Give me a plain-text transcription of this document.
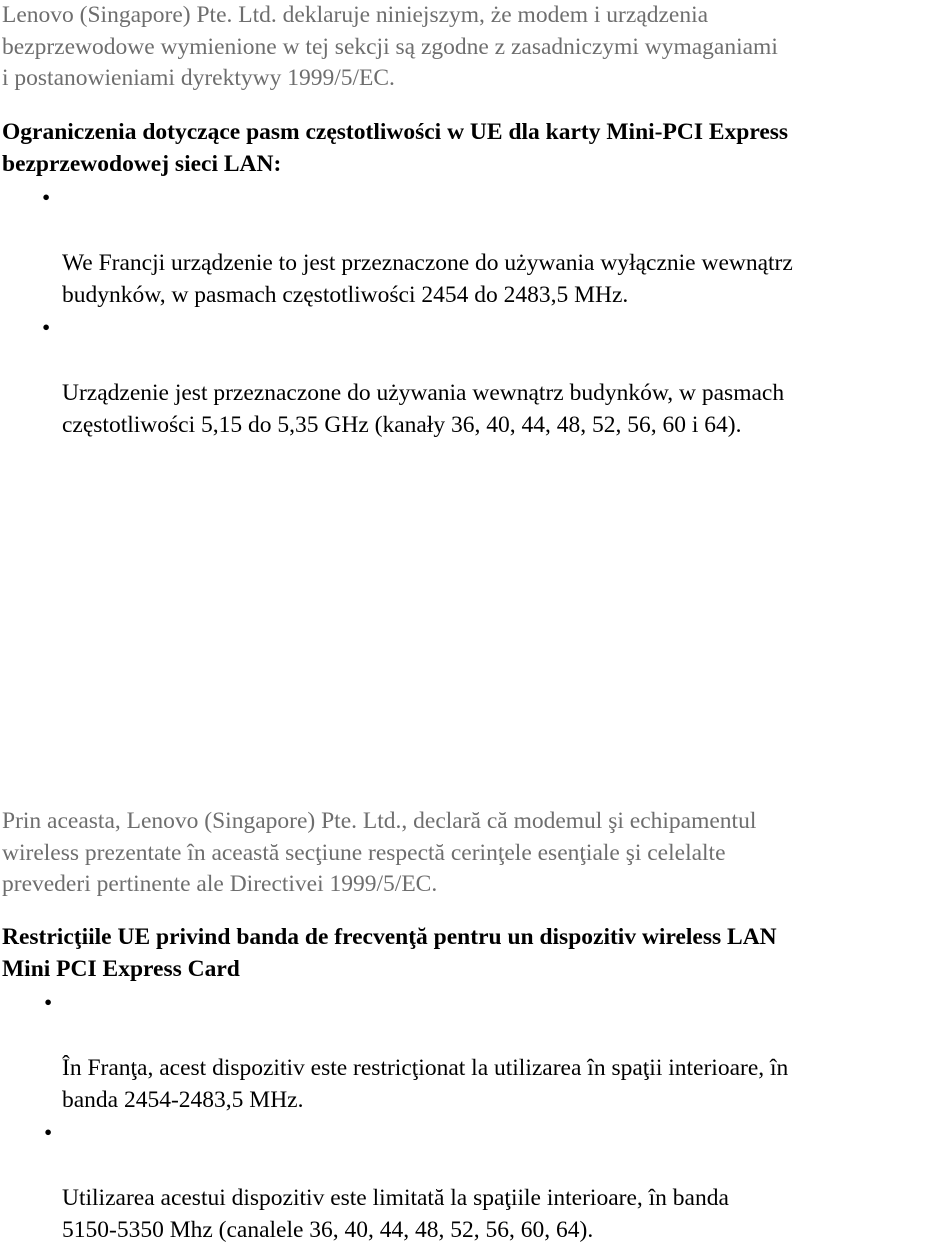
Lenovo (Singapore) Pte. Ltd. deklaruje niniejszym, że modem i urządzenia
bezprzewodowe wymienione w tej sekcji są zgodne z zasadniczymi wymaganiami
i postanowieniami dyrektywy 1999/5/EC.

Ograniczenia dotyczące pasm częstotliwości w UE dla karty Mini-PCI Express
bezprzewodowej sieci LAN:

•

We Francji urządzenie to jest przeznaczone do używania wyłącznie wewnątrz
budynków, w pasmach częstotliwości 2454 do 2483,5 MHz.

•

Urządzenie jest przeznaczone do używania wewnątrz budynków, w pasmach
częstotliwości 5,15 do 5,35 GHz (kanały 36, 40, 44, 48, 52, 56, 60 i 64).

Prin aceasta, Lenovo (Singapore) Pte. Ltd., declară că modemul şi echipamentul
wireless prezentate în această secţiune respectă cerinţele esenţiale şi celelalte
prevederi pertinente ale Directivei 1999/5/EC.

Restricţiile UE privind banda de frecvenţă pentru un dispozitiv wireless LAN
Mini PCI Express Card

•

În Franţa, acest dispozitiv este restricţionat la utilizarea în spaţii interioare, în
banda 2454-2483,5 MHz.

•

Utilizarea acestui dispozitiv este limitată la spaţiile interioare, în banda
5150-5350 Mhz (canalele 36, 40, 44, 48, 52, 56, 60, 64).
